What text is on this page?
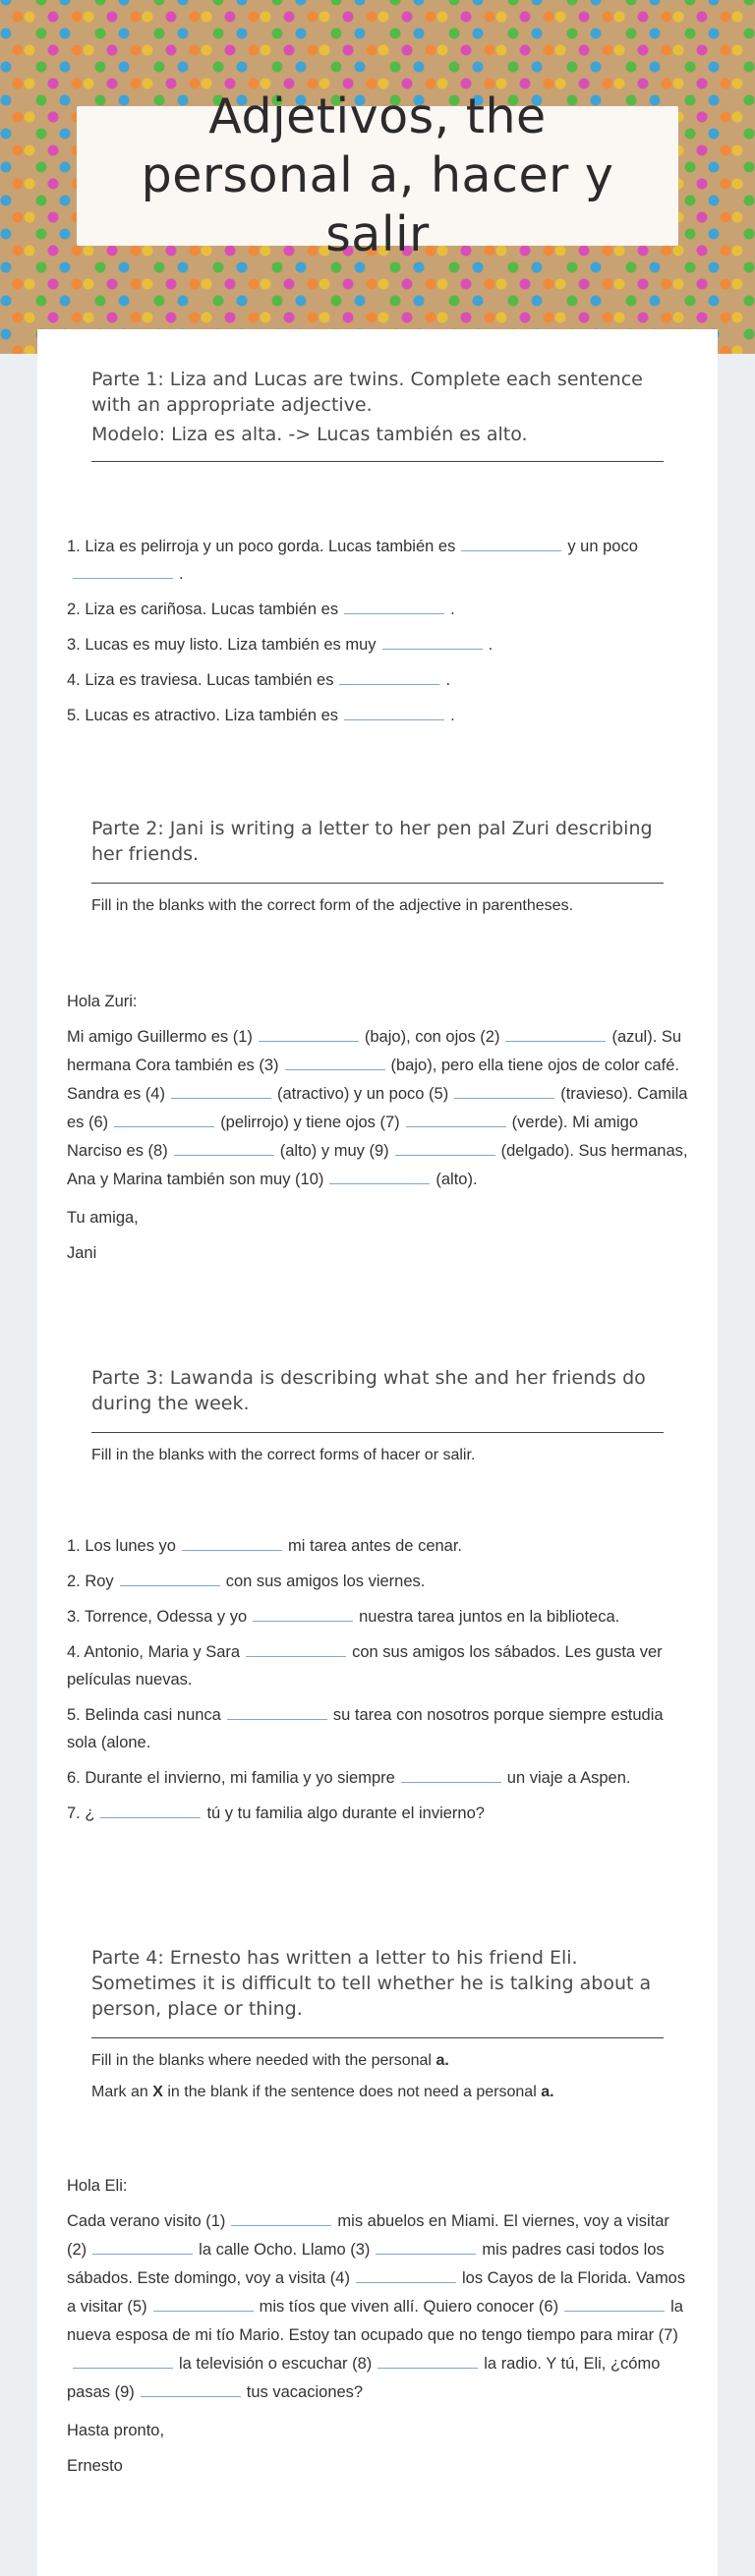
Adjetivos, the personal a, hacer y salir
Parte 1: Liza and Lucas are twins. Complete each sentence with an appropriate adjective.
Modelo: Liza es alta. -> Lucas también es alto.

1. Liza es pelirroja y un poco gorda. Lucas también es	y un poco.

2. Liza es cariñosa. Lucas también es	.

3. Lucas es muy listo. Liza también es muy	.

4. Liza es traviesa. Lucas también es	.

5. Lucas es atractivo. Liza también es	.

Parte 2: Jani is writing a letter to her pen pal Zuri describing her friends.
Fill in the blanks with the correct form of the adjective in parentheses.

Hola Zuri:

Mi amigo Guillermo es (1)	(bajo), con ojos (2)	(azul). Su hermana Cora también es (3)	(bajo), pero ella tiene ojos de color café. Sandra es (4)	(atractivo) y un poco (5)	(travieso). Camila es (6)	(pelirrojo) y tiene ojos (7)	(verde). Mi amigo Narciso es (8)	(alto) y muy (9)	(delgado). Sus hermanas, Ana y Marina también son muy (10)	(alto).

Tu amiga,

Jani

Parte 3: Lawanda is describing what she and her friends do during the week.
Fill in the blanks with the correct forms of hacer or salir.

1. Los lunes yo	mi tarea antes de cenar.

2. Roy	con sus amigos los viernes.

3. Torrence, Odessa y yo	nuestra tarea juntos en la biblioteca.

4. Antonio, Maria y Sara	con sus amigos los sábados. Les gusta ver películas nuevas.

5. Belinda casi nunca	su tarea con nosotros porque siempre estudia sola (alone.

6. Durante el invierno, mi familia y yo siempre	un viaje a Aspen.

7. ¿	tú y tu familia algo durante el invierno?

Parte 4: Ernesto has written a letter to his friend Eli. Sometimes it is difficult to tell whether he is talking about a person, place or thing.
Fill in the blanks where needed with the personal a.
Mark an X in the blank if the sentence does not need a personal a.

Hola Eli:

Cada verano visito (1)	mis abuelos en Miami. El viernes, voy a visitar (2)	la calle Ocho. Llamo (3)	mis padres casi todos los sábados. Este domingo, voy a visita (4)	los Cayos de la Florida. Vamos a visitar (5)	mis tíos que viven allí. Quiero conocer (6)	la nueva esposa de mi tío Mario. Estoy tan ocupado que no tengo tiempo para mirar (7)la televisión o escuchar (8)	la radio. Y tú, Eli, ¿cómo pasas (9)	tus vacaciones?

Hasta pronto,

Ernesto
